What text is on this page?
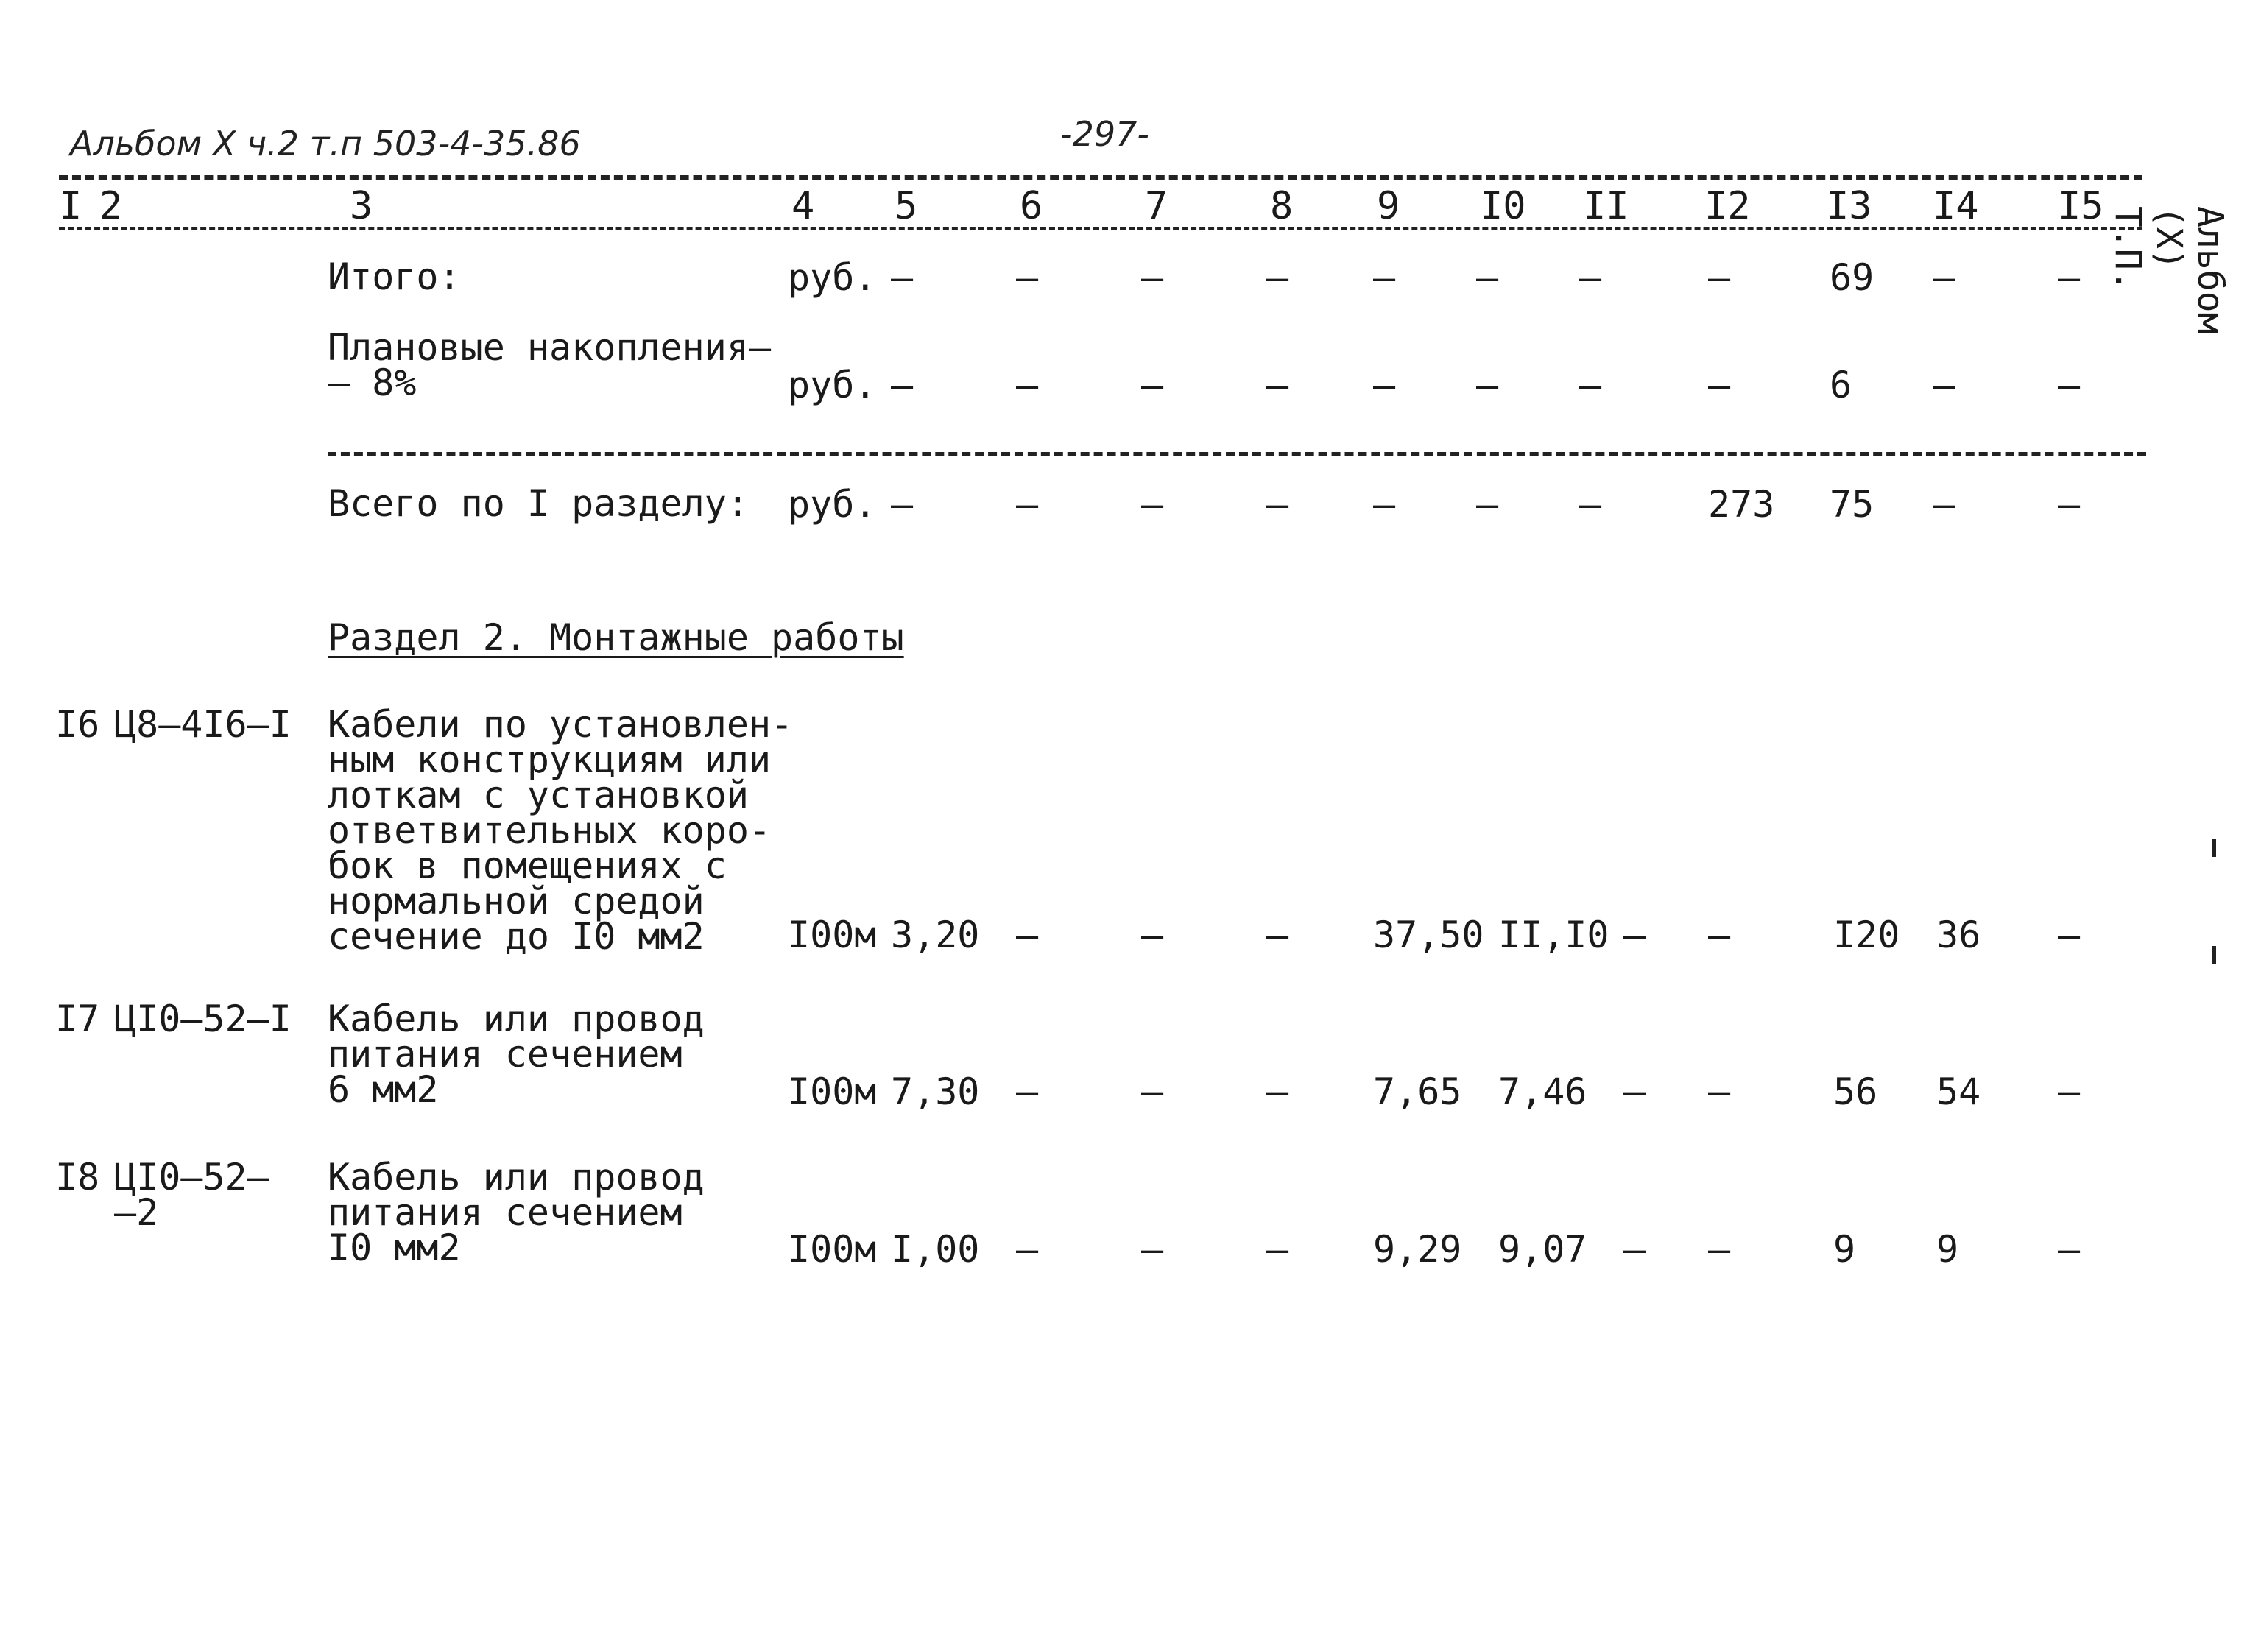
Альбом X ч.2 т.п 503-4-35.86	-297-
I 2	3	4 5	6	7	8 9 I0 II I2 I3 I4 I5	Альбом (X) Т.П.
Итого:	руб. –	–	–	– – – –	–	69 –	–
Плановые накопления–
– 8%	руб. –	–	–	– – – –	–	6 –	–
Всего по I разделу: руб. –	–	–	– – – –	273 75 –	–
Раздел 2. Монтажные работы
I6 Ц8–4I6–I Кабели по установлен-
ным конструкциям или
лоткам с установкой
ответвительных коро-
бок в помещениях с
нормальной средой
сечение до I0 мм2	I00м 3,20 –	–	– 37,50 II,I0 – –	I20 36 –
I7 ЦI0–52–I Кабель или провод
питания сечением
6 мм2	I00м 7,30 –	–	– 7,65 7,46 – –	56 54 –
I8 ЦI0–52–
–2
Кабель или провод
питания сечением
I0 мм2	I00м I,00 –	–	– 9,29 9,07 – –	9 9	–
